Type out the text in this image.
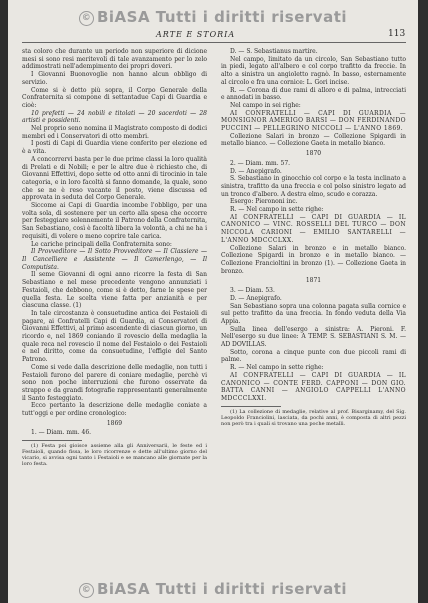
© BiASA Tutti i diritti riservati
ARTE E STORIA	113

sta coloro che durante un periodo non superiore di dicione mesi si sono resi meritevoli di tale avanzamento per lo zelo addimostrati nell'adempimento dei propri doveri.

I Giovanni Buonovoglie non hanno alcun obbligo di servizio.

Come si è detto più sopra, il Corpo Generale della Confraternita si compone di settantadue Capi di Guardia e cioè:

10 prefetti — 24 nobili e titolati — 20 sacerdoti — 28 artisti e possidenti.

Nel proprio seno nomina il Magistrato composto di dodici membri ed i Conservatori di otto membri.

I posti di Capi di Guardia viene conferito per elezione ed è a vita.

A concorrervi basta per le due prime classi la loro qualità di Prelati e di Nobili; e per le altre due è richiesto che, di Giovanni Effettivi, dopo sette od otto anni di tirocinio in tale categoria, e in loro facoltà si fanno domande, la quale, sono che se ne è reso vacante il posto, viene discussa ed approvata in seduta del Corpo Generale.

Siccome ai Capi di Guardia incombe l'obbligo, per una volta sola, di sostenere per un certo alla spesa che occorre per festeggiare solennemente il Patrono della Confraternita, San Sebastiano, così è facoltà libera la volontà, a chi ne ha i requisiti, di volere o meno coprire tale carica.

Le cariche principali della Confraternita sono:

Il Provveditore — Il Sotto Provveditore — Il Classiere — Il Cancelliere e Assistente — Il Camerlengo, — Il Computista.

Il seme Giovanni di ogni anno ricorre la festa di San Sebastiano e nel mese precedente vengono annunziati i Festaioli, che debbono, come si è detto, farne le spese per quella festa. Le scelta viene fatta per anzianità e per ciascuna classe. (1)

In tale circostanza è consuetudine antica dei Festaioli di pagare, ai Confratelli Capi di Guardia, ai Conservatori di Giovanni Effettivi, al primo ascendente di ciascun giorno, un ricordo e, nel 1869 coniando il rovescio della medaglia la quale reca nel rovescio il nome del Festaiolo o dei Festaioli e nel diritto, come da consuetudine, l'effigie del Santo Patrono.

Come si vede dalla descrizione delle medaglie, non tutti i Festaioli furono del parere di coniare medaglie, perchè vi sono non poche interruzioni che furono osservate da strappo e da grandi fotografie rappresentanti generalmente il Santo festeggiato.

Ecco pertanto la descrizione delle medaglie coniate a tutt'oggi e per ordine cronologico:

1869

1. — Diam. mm. 46.

(1) Festa poi gioisce assieme alla gli Anniversarii, le feste ed i Festaioli, quando fissa, le loro ricorrenze e dette all'ultimo giorno del vicario, si avvisa ogni tanto i Festaioli e se mancano alle giornate per la loro festa.

D. — S. Sebastianus martire.

Nel campo, limitato da un circolo, San Sebastiano tutto in piedi, legato all'albero e col corpo trafitto da freccie. In alto a sinistra un angioletto ragnò. In basso, esternamente al circolo e fra una cornice: L. Gori incise.

R. — Corona di due rami di alloro e di palma, intrecciati e annodati in basso.

Nel campo in sei righe:

AI CONFRATELLI — CAPI DI GUARDIA — MONSIGNOR AMERIGO BARSI — DON FERDINANDO PUCCINI — PELLEGRINO NICCOLI — L'ANNO 1869.

Collezione Salari in bronzo — Collezione Spigardi in metallo bianco. — Collezione Gaeta in metallo bianco.

1870

2. — Diam. mm. 57.

D. — Anepigrafo.

S. Sebastiano in ginocchio col corpo e la testa inclinato a sinistra, trafitto da una freccia e col polso sinistro legato ad un tronco d'albero. A destra elmo, scudo e corazza.

Esergo: Pierononi inc.

R. — Nel campo in sette righe:

AI CONFRATELLI — CAPI DI GUARDIA — IL CANONICO — VINC. ROSSELLI DEL TURCO — DON NICCOLA CARIONI — EMILIO SANTARELLI — L'ANNO MDCCCLXX.

Collezione Salari in bronzo e in metallo bianco. Collezione Spigardi in bronzo e in metallo bianco. — Collezione Francioltini in bronzo (1). — Collezione Gaeta in bronzo.

1871

3. — Diam. 53.

D. — Anepigrafo.

San Sebastiano sopra una colonna pagata sulla cornice e sul petto trafitto da una freccia. In fondo veduta della Via Appia.

Sulla linea dell'esergo a sinistra: A. Pieroni. F. Nell'esergo su due linee: A TEMP. S. SEBASTIANI S. M. — AD DOVILLAS.

Sotto, corona a cinque punte con due piccoli rami di palme.

R. — Nel campo in sette righe:

AI CONFRATELLI — CAPI DI GUARDIA — IL CANONICO — CONTE FERD. CAPPONI — DON GIO. BATTA CANNI — ANGIOLO CAPPELLI L'ANNO MDCCCLXXI.

(1) La collezione di medaglie, relative al prof. Bisarginamy, del Sig. Leopoldo Franciolini, lasciata, da pochi anni, è composta di altri pezzi non però tra i quali si trovano una poche metalli.

© BiASA Tutti i diritti riservati
